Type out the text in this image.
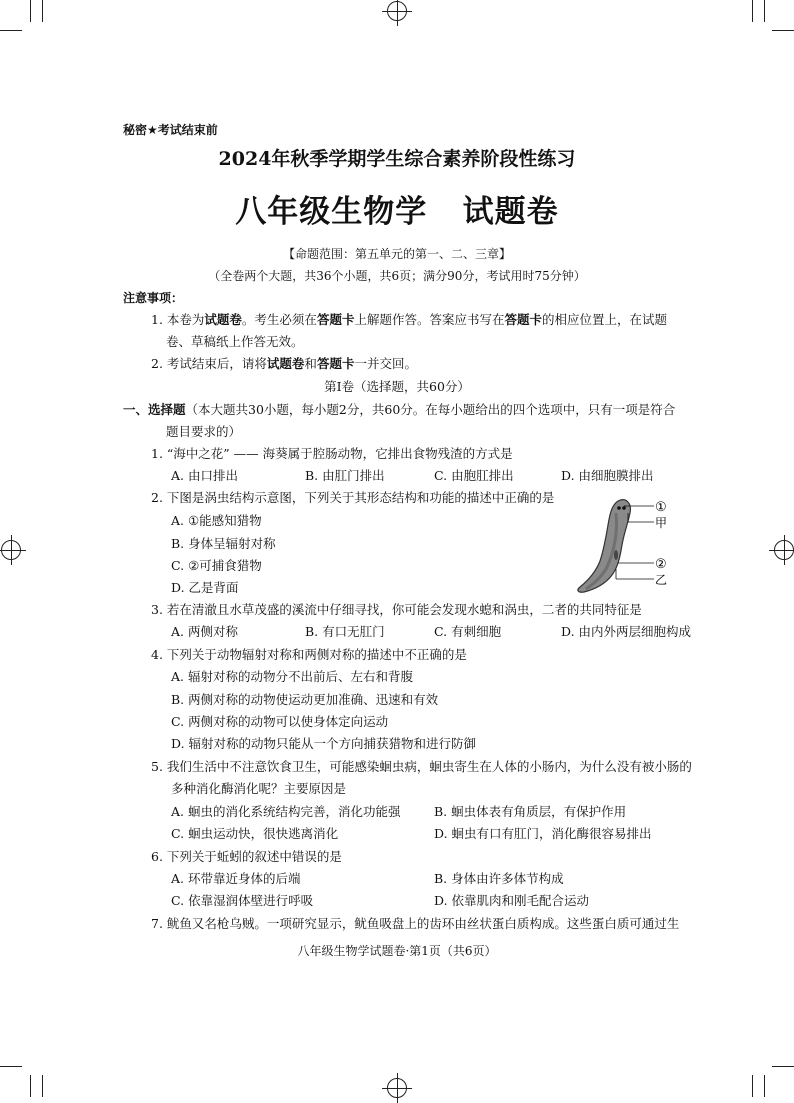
秘密★考试结束前
2024年秋季学期学生综合素养阶段性练习
八年级生物学   试题卷
【命题范围：第五单元的第一、二、三章】
（全卷两个大题，共36个小题，共6页；满分90分，考试用时75分钟）
注意事项：
1. 本卷为试题卷。考生必须在答题卡上解题作答。答案应书写在答题卡的相应位置上，在试题
卷、草稿纸上作答无效。
2. 考试结束后，请将试题卷和答题卡一并交回。
第Ⅰ卷（选择题，共60分）
一、选择题（本大题共30小题，每小题2分，共60分。在每小题给出的四个选项中，只有一项是符合
题目要求的）
1. “海中之花” —— 海葵属于腔肠动物，它排出食物残渣的方式是
A. 由口排出	B. 由肛门排出	C. 由胞肛排出	D. 由细胞膜排出
2. 下图是涡虫结构示意图，下列关于其形态结构和功能的描述中正确的是
A. ①能感知猎物
B. 身体呈辐射对称
C. ②可捕食猎物
D. 乙是背面
①
甲
②
乙
3. 若在清澈且水草茂盛的溪流中仔细寻找，你可能会发现水螅和涡虫，二者的共同特征是
A. 两侧对称	B. 有口无肛门	C. 有刺细胞	D. 由内外两层细胞构成
4. 下列关于动物辐射对称和两侧对称的描述中不正确的是
A. 辐射对称的动物分不出前后、左右和背腹
B. 两侧对称的动物使运动更加准确、迅速和有效
C. 两侧对称的动物可以使身体定向运动
D. 辐射对称的动物只能从一个方向捕获猎物和进行防御
5. 我们生活中不注意饮食卫生，可能感染蛔虫病，蛔虫寄生在人体的小肠内，为什么没有被小肠的
多种消化酶消化呢？主要原因是
A. 蛔虫的消化系统结构完善，消化功能强	B. 蛔虫体表有角质层，有保护作用
C. 蛔虫运动快，很快逃离消化	D. 蛔虫有口有肛门，消化酶很容易排出
6. 下列关于蚯蚓的叙述中错误的是
A. 环带靠近身体的后端	B. 身体由许多体节构成
C. 依靠湿润体壁进行呼吸	D. 依靠肌肉和刚毛配合运动
7. 鱿鱼又名枪乌贼。一项研究显示，鱿鱼吸盘上的齿环由丝状蛋白质构成。这些蛋白质可通过生
八年级生物学试题卷·第1页（共6页）
